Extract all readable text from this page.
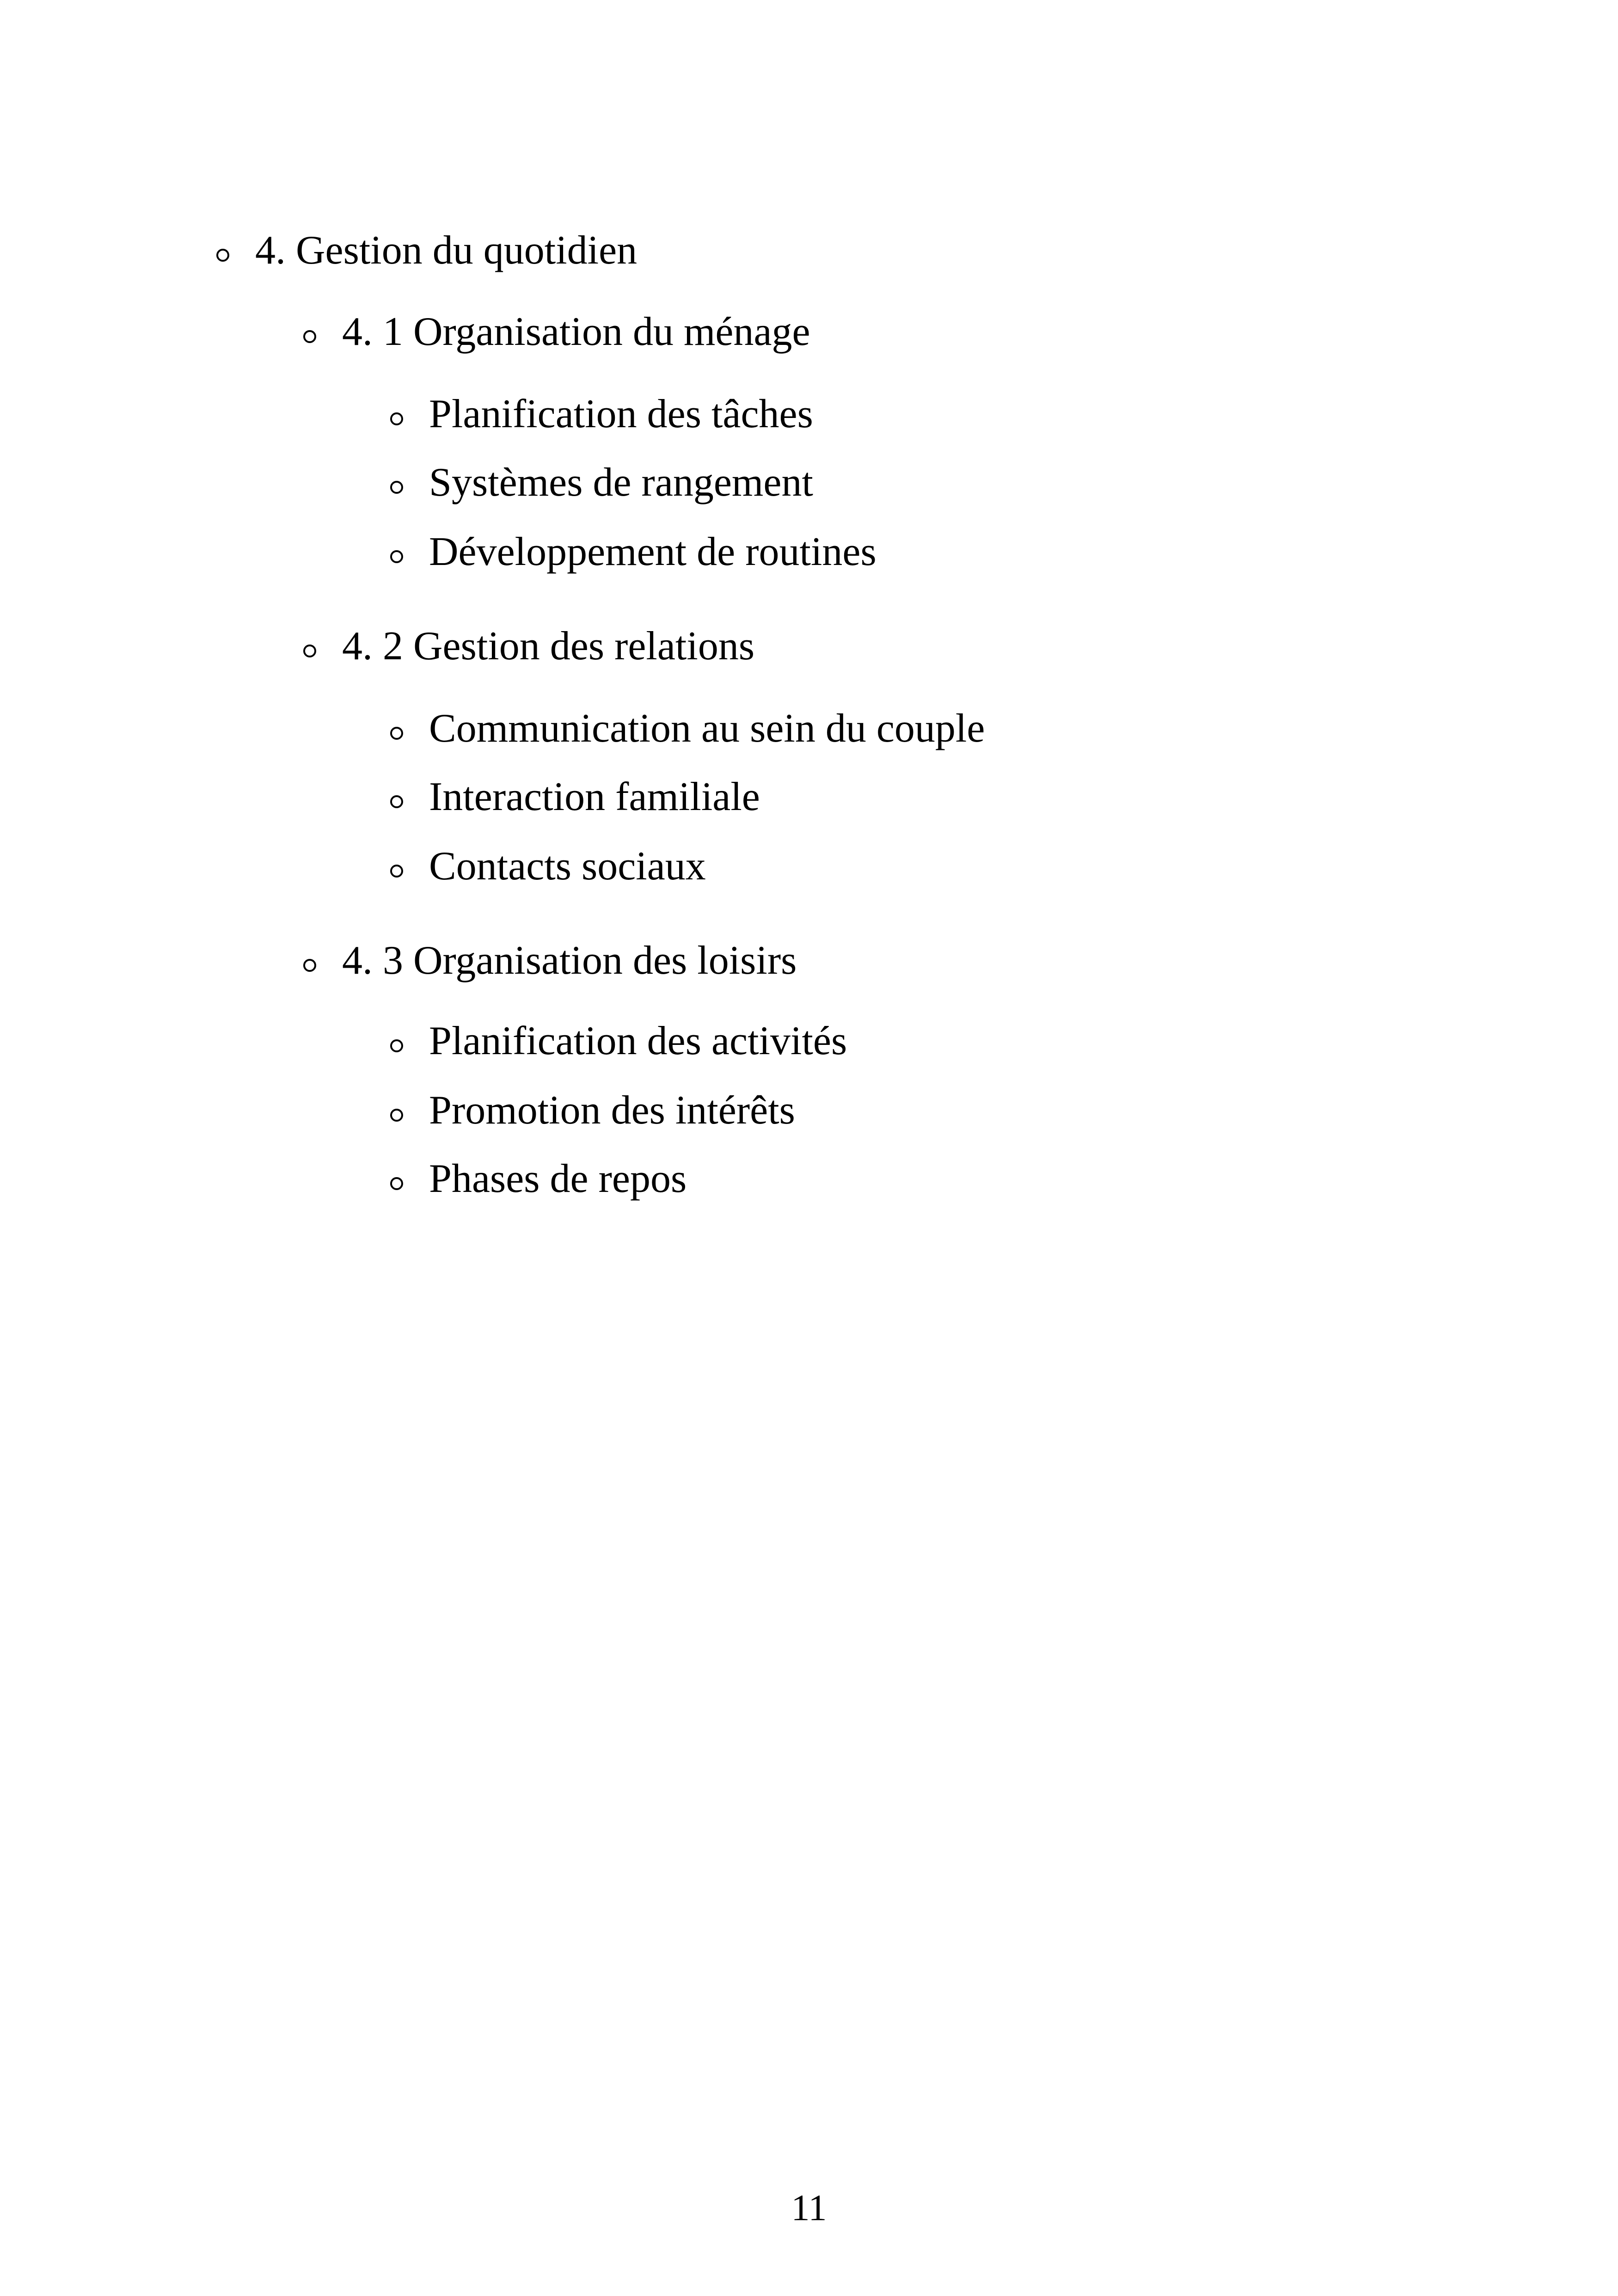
4. Gestion du quotidien
4. 1 Organisation du ménage
Planification des tâches
Systèmes de rangement
Développement de routines
4. 2 Gestion des relations
Communication au sein du couple
Interaction familiale
Contacts sociaux
4. 3 Organisation des loisirs
Planification des activités
Promotion des intérêts
Phases de repos
11
